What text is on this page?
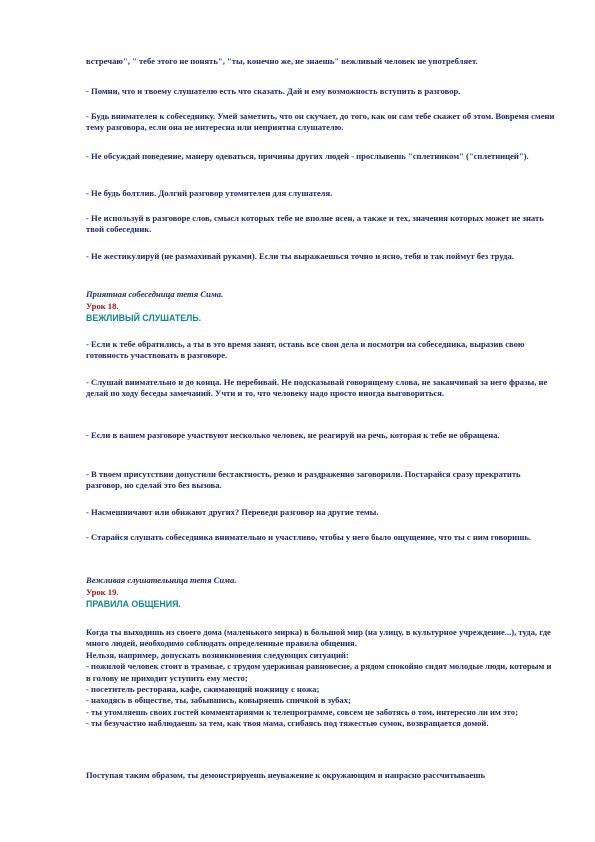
встречаю", " тебе этого не понять", "ты, конечно же, не знаешь" вежливый человек не употребляет.

- Помни, что и твоему слушателю есть что сказать. Дай и ему возможность вступить в разговор.

- Будь внимателен к собеседнику. Умей заметить, что он скучает, до того, как он сам тебе скажет об этом. Вовремя смени тему разговора, если она не интересна или неприятна слушателю.

- Не обсуждай поведение, манеру одеваться, причины других людей - прослывешь "сплетником" ("сплетницей").

- Не будь болтлив. Долгий разговор утомителен для слушателя.

- Не используй в разговоре слов, смысл которых тебе не вполне ясен, а также и тех, значения которых может не знать твой собеседник.

- Не жестикулируй (не размахивай руками). Если ты выражаешься точно и ясно, тебя и так поймут без труда.

Приятная собеседница тетя Сима.

Урок 18.

ВЕЖЛИВЫЙ СЛУШАТЕЛЬ.

- Если к тебе обратились, а ты в это время занят, оставь все свои дела и посмотри на собеседника, выразив свою готовность участвовать в разговоре.

- Слушай внимательно и до конца. Не перебивай. Не подсказывай говорящему слова, не заканчивай за него фразы, не делай по ходу беседы замечаний. Учти и то, что человеку надо просто иногда выговориться.

- Если в вашем разговоре участвуют несколько человек, не реагируй на речь, которая к тебе не обращена.

- В твоем присутствии допустили бестактность, резко и раздраженно заговорили. Постарайся сразу прекратить разговор, но сделай это без вызова.

- Насмешничают или обижают других? Переведи разговор на другие темы.

- Старайся слушать собеседника внимательно и участливо, чтобы у него было ощущение, что ты с ним говоришь.

Вежливая слушательница тетя Сима.

Урок 19.

ПРАВИЛА ОБЩЕНИЯ.

Когда ты выходишь из своего дома (маленького мирка) в большой мир (на улицу, в культурное учреждение...), туда, где много людей, необходимо соблюдать определенные правила общения.
Нельзя, например, допускать возникновения следующих ситуаций:
- пожилой человек стоит в трамвае, с трудом удерживая равновесие, а рядом спокойно сидят молодые люди, которым и в голову не приходит уступить ему место;
- посетитель ресторана, кафе, сжимающий ножницу с ножа;
- находясь в обществе, ты, забывшись, ковыряешь спичкой в зубах;
- ты утомляешь своих гостей комментариями к телепрограмме, совсем не заботясь о том, интересно ли им это;
- ты безучастно наблюдаешь за тем, как твоя мама, сгибаясь под тяжестью сумок, возвращается домой.

Поступая таким образом, ты демонстрируешь неуважение к окружающим и напрасно рассчитываешь
